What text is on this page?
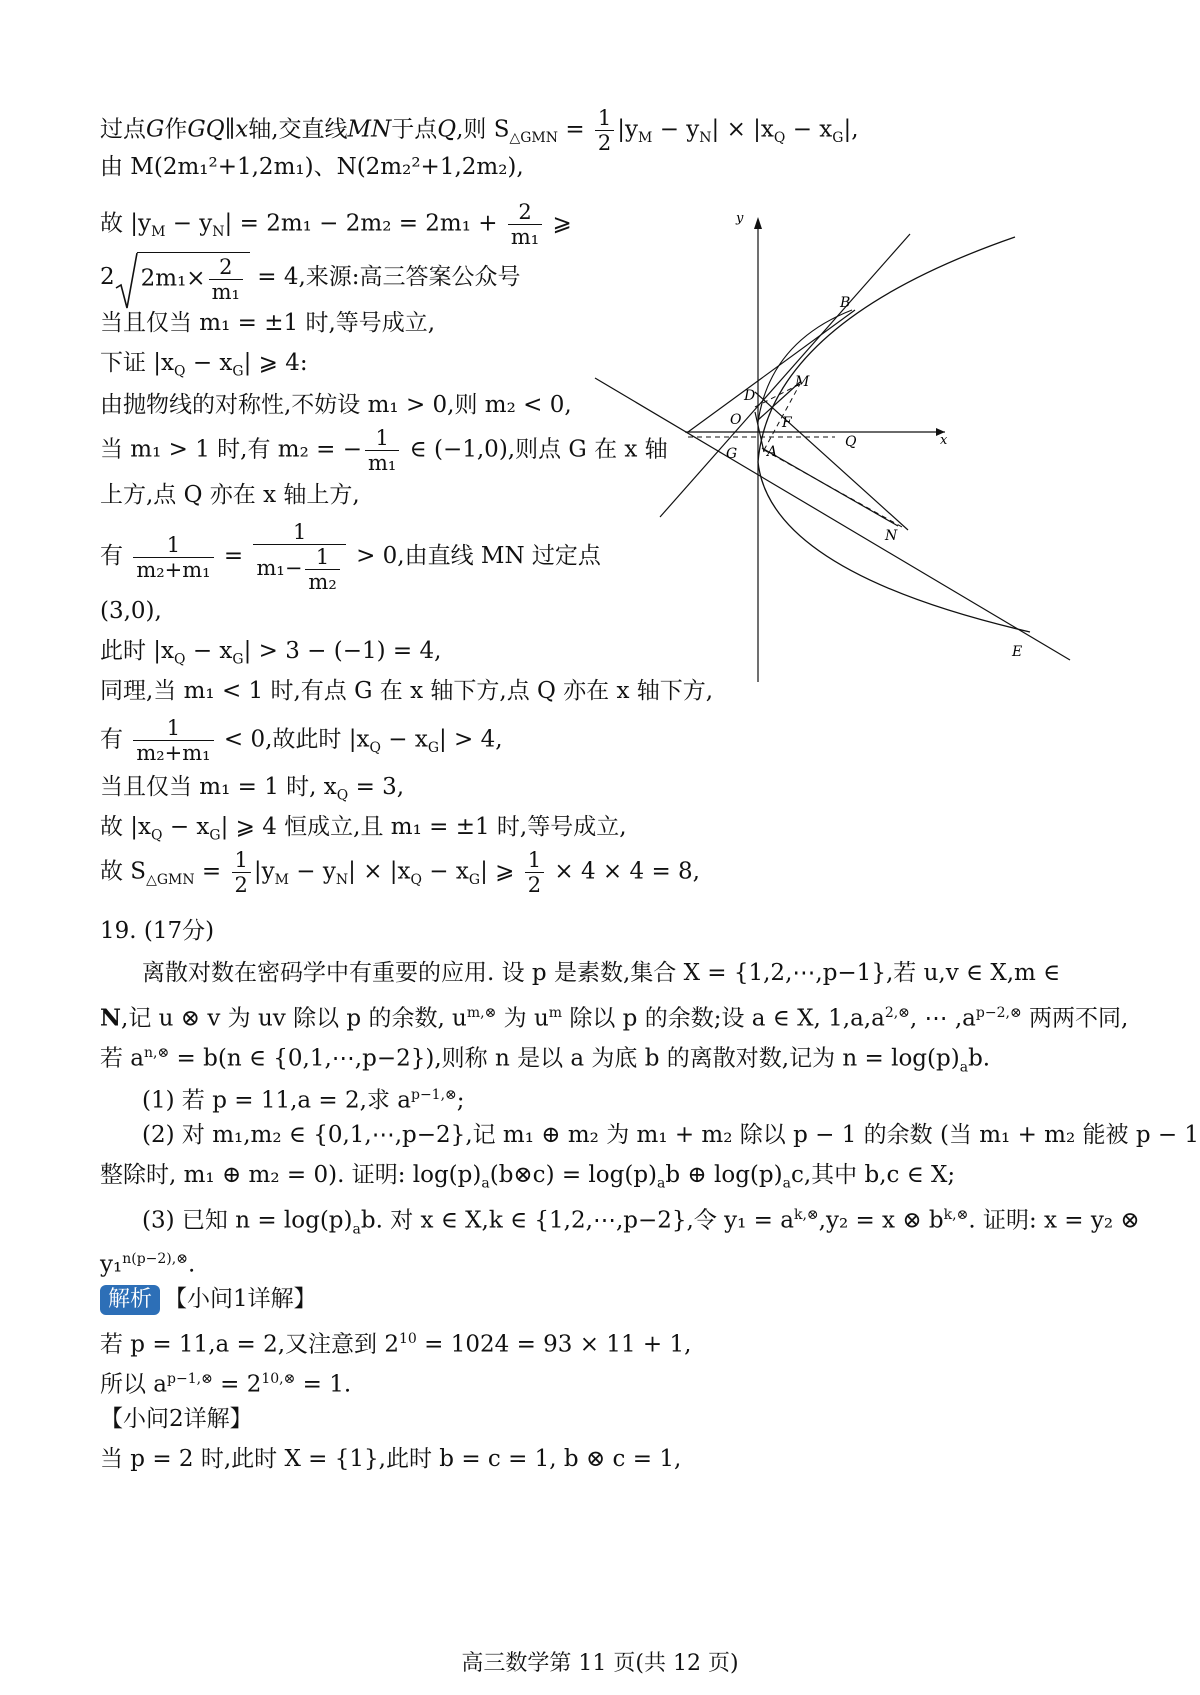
过点G作GQ∥x轴,交直线MN于点Q,则 $S_{\triangle GMN} = \frac{1}{2} |y_M - y_N| \times |x_Q - x_G|$,
由 M(2m₁²+1,2m₁)、N(2m₂²+1,2m₂),
故 $|y_M - y_N| = 2m_1 - 2m_2 = 2m_1 + \frac{2}{\text{m₁}}$ ⩾
2 $2m_1\times \frac{2}{\text{m₁}} = 4$,来源:高三答案公众号
当且仅当 m₁ = ±1 时,等号成立,
下证 $|x_Q - x_G|$ ⩾ 4:
由抛物线的对称性,不妨设 m₁ > 0,则 m₂ < 0,
当 m₁ > 1 时,有 m₂ = − $\frac{1}{\text{m₁}}$ ∈ (−1,0),则点 G 在 x 轴
上方,点 Q 亦在 x 轴上方,
有 $\frac{1}{\text{m₂+m₁}} = \frac{1}{m_1- \frac{1}{\text{m₂}}} > 0$,由直线 MN 过定点
(3,0),
此时 $|x_Q - x_G| > 3 - (-1) = 4$,
同理,当 m₁ < 1 时,有点 G 在 x 轴下方,点 Q 亦在 x 轴下方,
有 $\frac{1}{\text{m₂+m₁}} < 0$,故此时 $|x_Q - x_G| > 4$,
当且仅当 m₁ = 1 时, $x_Q = 3$,
故 $|x_Q - x_G|$ ⩾ 4 恒成立,且 m₁ = ±1 时,等号成立,
故 $S_{\triangle GMN} = \frac{1}{2} |y_M - y_N| \times |x_Q - x_G|$ ⩾ $\frac{1}{2} \times 4 \times 4 = 8$,
19. (17分)
离散对数在密码学中有重要的应用. 设 p 是素数,集合 X = {1,2,⋯,p−1},若 u,v ∈ X,m ∈
N,记 u ⊗ v 为 uv 除以 p 的余数, $u^{m,\otimes}$ 为 $u^m$ 除以 p 的余数;设 a ∈ X, $1,a,a^{2,\otimes}$, ⋯ $,a^{p-2,\otimes}$ 两两不同,
若 $a^{n,\otimes} = b(n$ ∈ {0,1,⋯,p−2}),则称 n 是以 a 为底 b 的离散对数,记为 $n = \log(p)_ab$.
(1) 若 p = 11,a = 2,求 $a^{p-1,\otimes}$;
(2) 对 m₁,m₂ ∈ {0,1,⋯,p−2},记 m₁ ⊕ m₂ 为 m₁ + m₂ 除以 p − 1 的余数 (当 m₁ + m₂ 能被 p − 1
整除时, m₁ ⊕ m₂ = 0). 证明: $\log(p)_a(b\otimes c) = \log(p)_ab$ ⊕ $\log(p)_ac$,其中 b,c ∈ X;
(3) 已知 $n = \log(p)_ab$. 对 x ∈ X,k ∈ {1,2,⋯,p−2},令 $y_1 = a^{k,\otimes},y_2 = x$ ⊗ $b^{k,\otimes}$. 证明: x = y₂ ⊗
y₁$^{n(p-2),\otimes}$.
解析 【小问1详解】
若 p = 11,a = 2,又注意到 $2^{10} = 1024 = 93 \times 11 + 1$,
所以 $a^{p-1,\otimes} = 2^{10,\otimes} = 1$.
【小问2详解】
当 p = 2 时,此时 X = {1},此时 b = c = 1, b ⊗ c = 1,
y
x
B
D
M
O	F
Q
G A
N
E
高三数学第 11 页(共 12 页)
